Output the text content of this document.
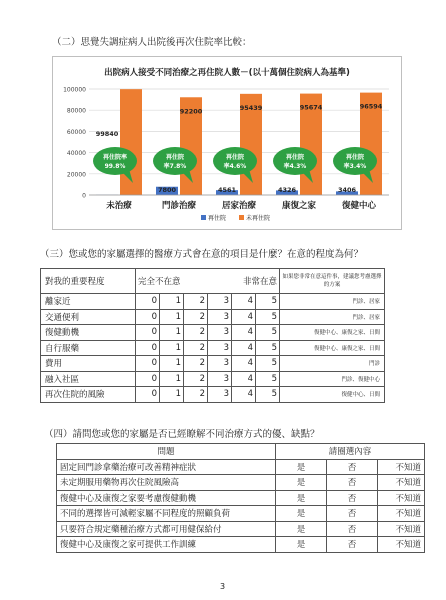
（二）思覺失調症病人出院後再次住院率比較：
出院病人接受不同治療之再住院人數－(以十萬個住院病人為基準)
100000
80000
60000
40000
20000
0
160
99840
再住院率
99.8%
未治療
7800
92200
再住院
率7.8%
門診治療
4561
95439
再住院
率4.6%
居家治療
4326
95674
再住院
率4.3%
康復之家
3406
96594
再住院
率3.4%
復健中心
再住院	未再住院
（三）您或您的家屬選擇的醫療方式會在意的項目是什麼？在意的程度為何？
對我的重要程度	完全不在意 非常在意						如果您非常在意這件事，建議您考慮選擇的方案
離家近	0	1	2	3	4	5	門診、居家
交通便利	0	1	2	3	4	5	門診、居家
復健動機	0	1	2	3	4	5	復健中心、康復之家、日間
自行服藥	0	1	2	3	4	5	復健中心、康復之家、日間
費用	0	1	2	3	4	5	門診
融入社區	0	1	2	3	4	5	門診、復健中心
再次住院的風險	0	1	2	3	4	5	復健中心、日間
（四）請問您或您的家屬是否已經瞭解不同治療方式的優、缺點？
問題	請圈選內容		
固定回門診拿藥治療可改善精神症狀	是	否	不知道
未定期服用藥物再次住院風險高	是	否	不知道
復健中心及康復之家要考慮復健動機	是	否	不知道
不同的選擇皆可減輕家屬不同程度的照顧負荷	是	否	不知道
只要符合規定藥種治療方式都可用健保給付	是	否	不知道
復健中心及康復之家可提供工作訓練	是	否	不知道
3
